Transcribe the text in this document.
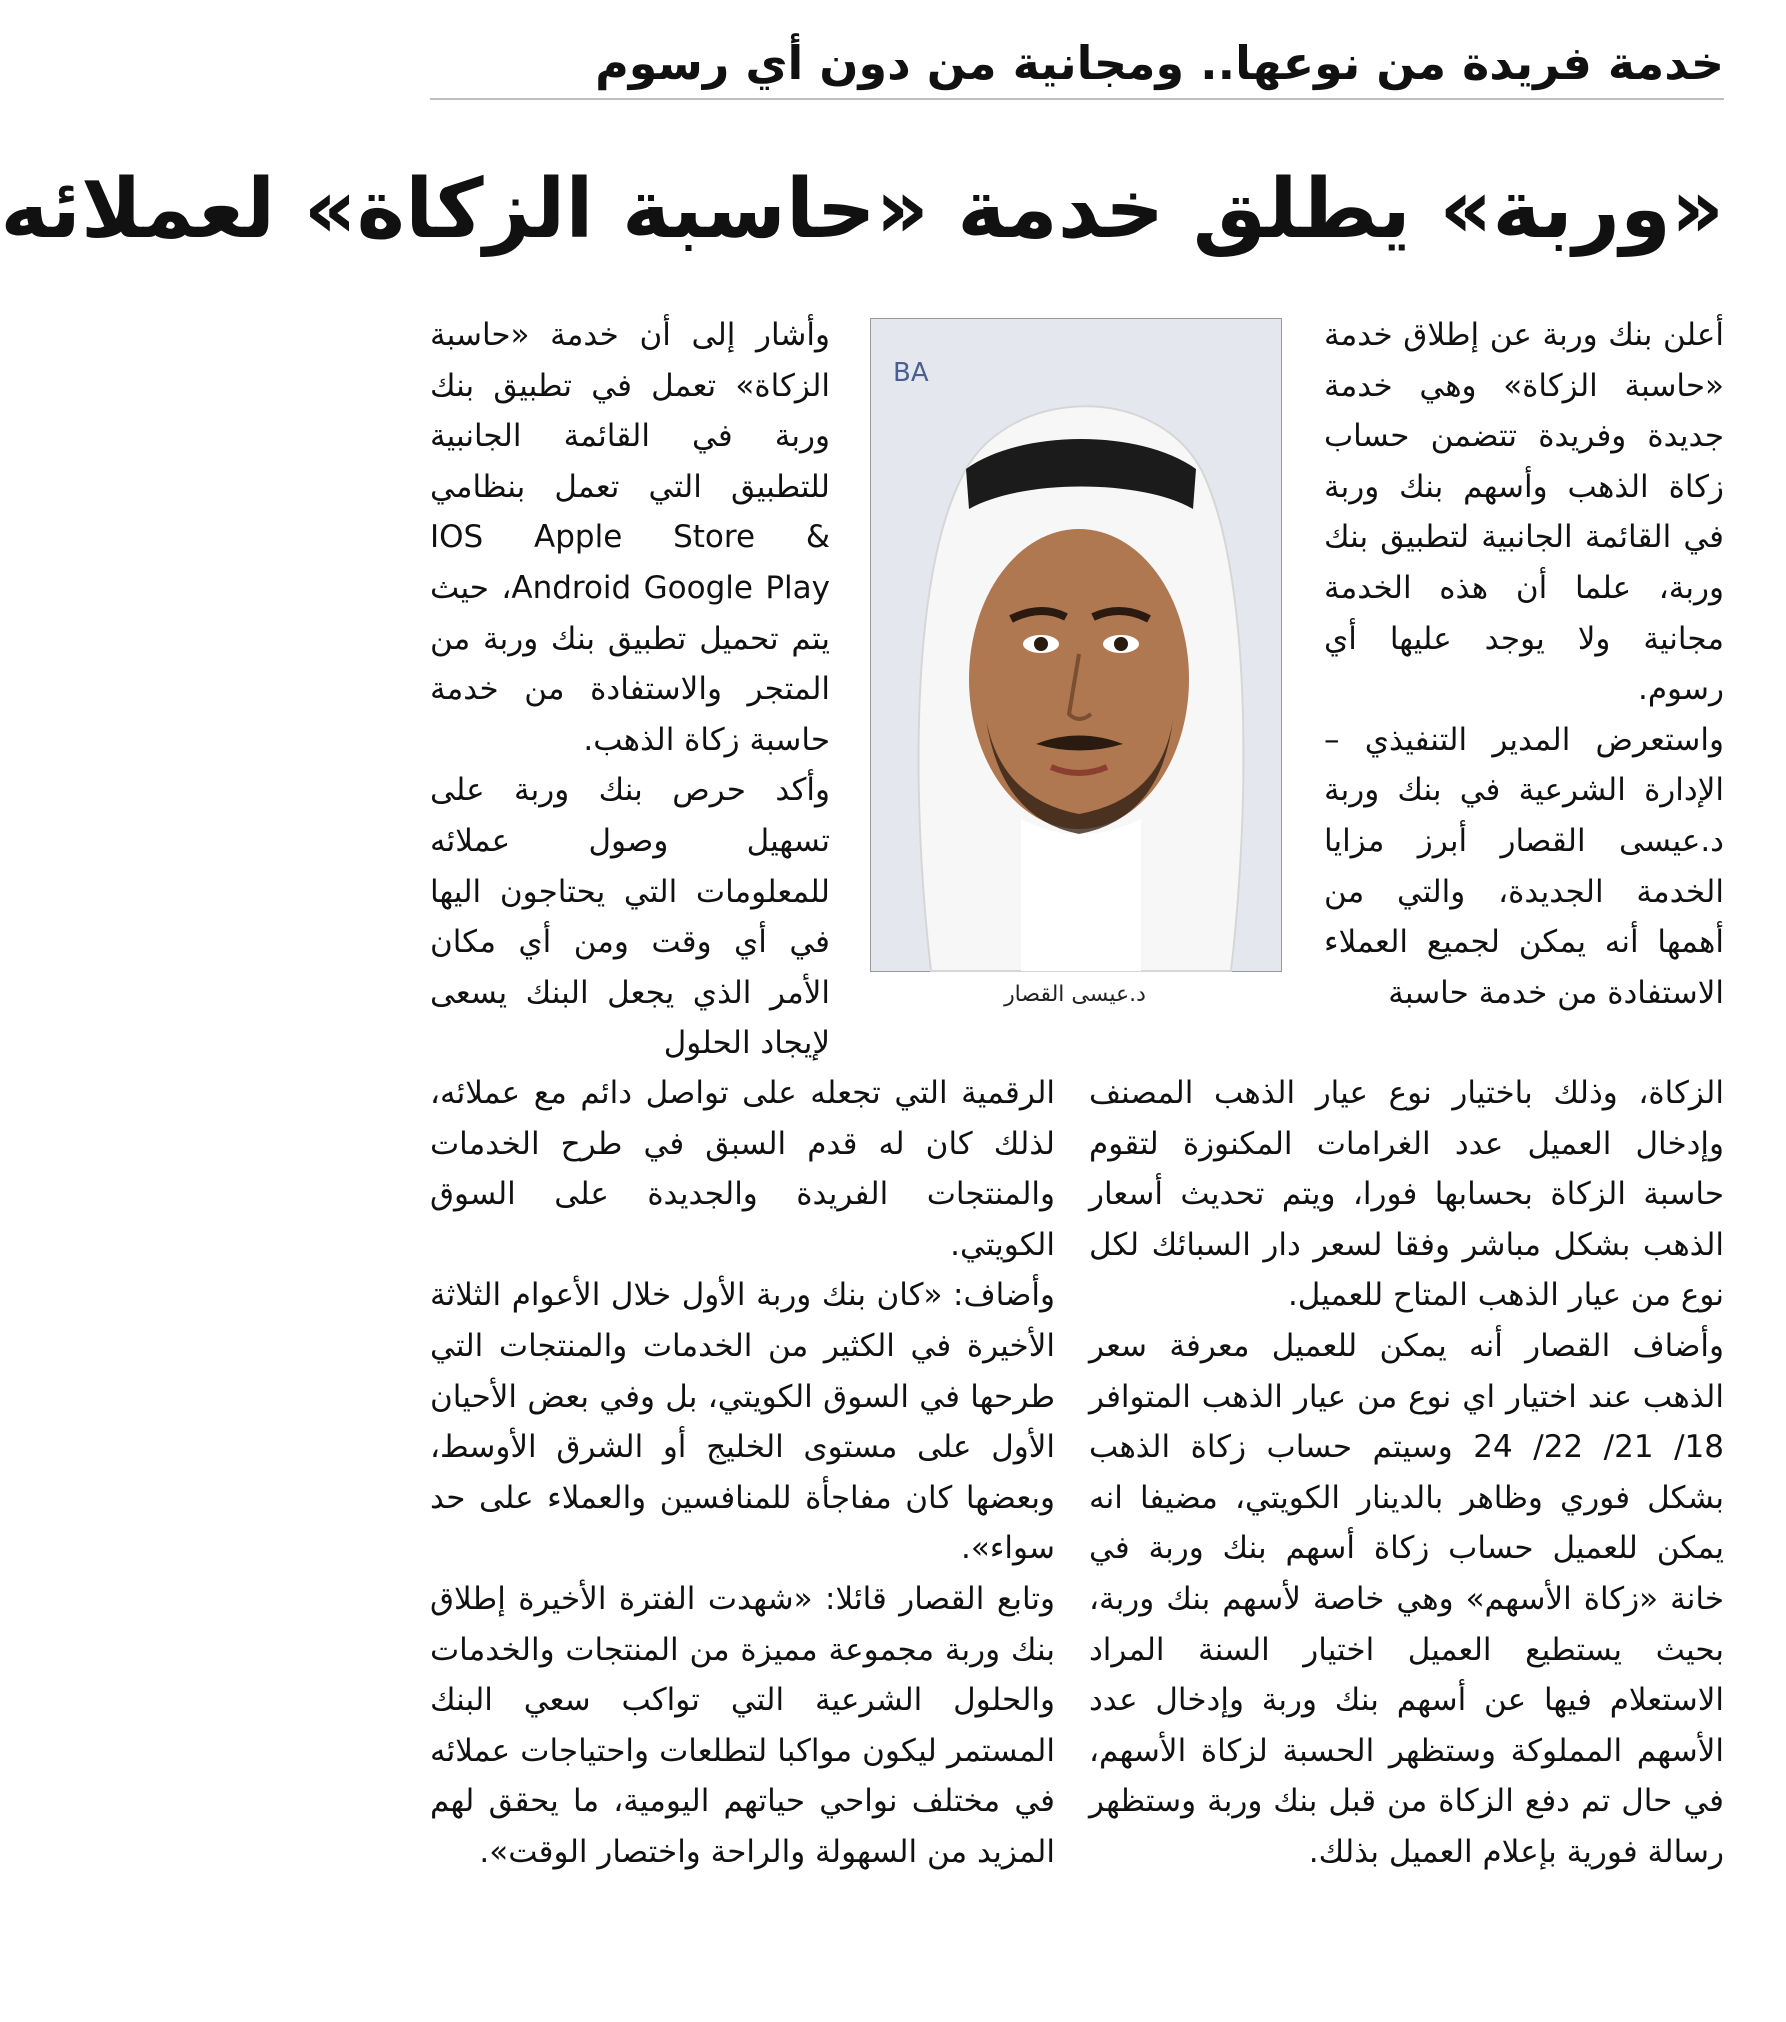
خدمة فريدة من نوعها.. ومجانية من دون أي رسوم
«وربة» يطلق خدمة «حاسبة الزكاة» لعملائه

أعلن بنك وربة عن إطلاق خدمة «حاسبة الزكاة» وهي خدمة جديدة وفريدة تتضمن حساب زكاة الذهب وأسهم بنك وربة في القائمة الجانبية لتطبيق بنك وربة، علما أن هذه الخدمة مجانية ولا يوجد عليها أي رسوم.

واستعرض المدير التنفيذي – الإدارة الشرعية في بنك وربة د.عيسى القصار أبرز مزايا الخدمة الجديدة، والتي من أهمها أنه يمكن لجميع العملاء الاستفادة من خدمة حاسبة

وأشار إلى أن خدمة «حاسبة الزكاة» تعمل في تطبيق بنك وربة في القائمة الجانبية للتطبيق التي تعمل بنظامي IOS Apple Store & Android Google Play، حيث يتم تحميل تطبيق بنك وربة من المتجر والاستفادة من خدمة حاسبة زكاة الذهب.

وأكد حرص بنك وربة على تسهيل وصول عملائه للمعلومات التي يحتاجون اليها في أي وقت ومن أي مكان الأمر الذي يجعل البنك يسعى لإيجاد الحلول

BA
د.عيسى القصار

الرقمية التي تجعله على تواصل دائم مع عملائه، لذلك كان له قدم السبق في طرح الخدمات والمنتجات الفريدة والجديدة على السوق الكويتي.

وأضاف: «كان بنك وربة الأول خلال الأعوام الثلاثة الأخيرة في الكثير من الخدمات والمنتجات التي طرحها في السوق الكويتي، بل وفي بعض الأحيان الأول على مستوى الخليج أو الشرق الأوسط، وبعضها كان مفاجأة للمنافسين والعملاء على حد سواء».

وتابع القصار قائلا: «شهدت الفترة الأخيرة إطلاق بنك وربة مجموعة مميزة من المنتجات والخدمات والحلول الشرعية التي تواكب سعي البنك المستمر ليكون مواكبا لتطلعات واحتياجات عملائه في مختلف نواحي حياتهم اليومية، ما يحقق لهم المزيد من السهولة والراحة واختصار الوقت».

الزكاة، وذلك باختيار نوع عيار الذهب المصنف وإدخال العميل عدد الغرامات المكنوزة لتقوم حاسبة الزكاة بحسابها فورا، ويتم تحديث أسعار الذهب بشكل مباشر وفقا لسعر دار السبائك لكل نوع من عيار الذهب المتاح للعميل.

وأضاف القصار أنه يمكن للعميل معرفة سعر الذهب عند اختيار اي نوع من عيار الذهب المتوافر 18/ 21/ 22/ 24 وسيتم حساب زكاة الذهب بشكل فوري وظاهر بالدينار الكويتي، مضيفا انه يمكن للعميل حساب زكاة أسهم بنك وربة في خانة «زكاة الأسهم» وهي خاصة لأسهم بنك وربة، بحيث يستطيع العميل اختيار السنة المراد الاستعلام فيها عن أسهم بنك وربة وإدخال عدد الأسهم المملوكة وستظهر الحسبة لزكاة الأسهم، في حال تم دفع الزكاة من قبل بنك وربة وستظهر رسالة فورية بإعلام العميل بذلك.
